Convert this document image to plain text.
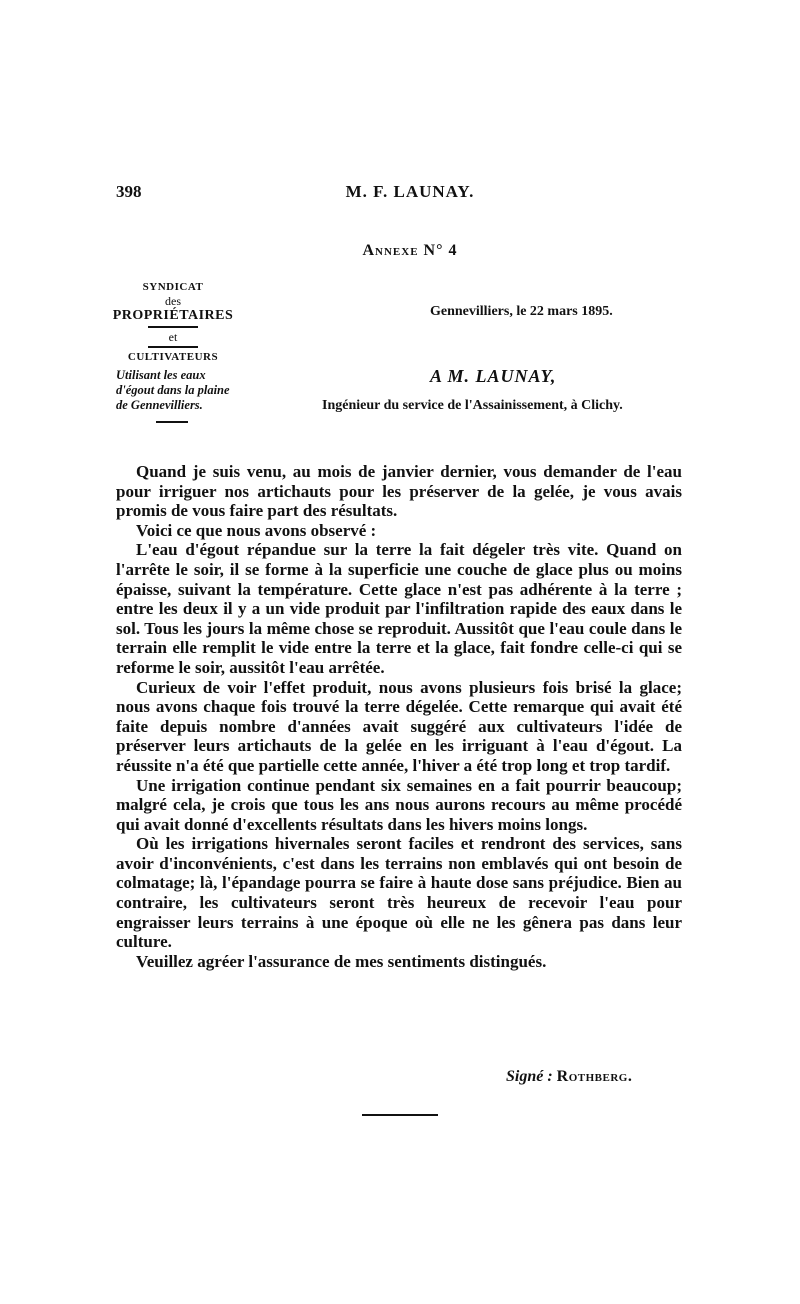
398	M. F. LAUNAY.
Annexe N° 4
SYNDICAT
des
PROPRIÉTAIRES
et
CULTIVATEURS
Utilisant les eaux d'égout dans la plaine de Gennevilliers.
Gennevilliers, le 22 mars 1895.
A M. LAUNAY,
Ingénieur du service de l'Assainissement, à Clichy.

Quand je suis venu, au mois de janvier dernier, vous demander de l'eau pour irriguer nos artichauts pour les préserver de la gelée, je vous avais promis de vous faire part des résultats.

Voici ce que nous avons observé :

L'eau d'égout répandue sur la terre la fait dégeler très vite. Quand on l'arrête le soir, il se forme à la superficie une couche de glace plus ou moins épaisse, suivant la température. Cette glace n'est pas adhérente à la terre ; entre les deux il y a un vide produit par l'infiltration rapide des eaux dans le sol. Tous les jours la même chose se reproduit. Aussitôt que l'eau coule dans le terrain elle remplit le vide entre la terre et la glace, fait fondre celle-ci qui se reforme le soir, aussitôt l'eau arrêtée.

Curieux de voir l'effet produit, nous avons plusieurs fois brisé la glace; nous avons chaque fois trouvé la terre dégelée. Cette remarque qui avait été faite depuis nombre d'années avait suggéré aux cultivateurs l'idée de préserver leurs artichauts de la gelée en les irriguant à l'eau d'égout. La réussite n'a été que partielle cette année, l'hiver a été trop long et trop tardif.

Une irrigation continue pendant six semaines en a fait pourrir beaucoup; malgré cela, je crois que tous les ans nous aurons recours au même procédé qui avait donné d'excellents résultats dans les hivers moins longs.

Où les irrigations hivernales seront faciles et rendront des services, sans avoir d'inconvénients, c'est dans les terrains non emblavés qui ont besoin de colmatage; là, l'épandage pourra se faire à haute dose sans préjudice. Bien au contraire, les cultivateurs seront très heureux de recevoir l'eau pour engraisser leurs terrains à une époque où elle ne les gênera pas dans leur culture.

Veuillez agréer l'assurance de mes sentiments distingués.

Signé : Rothberg.
